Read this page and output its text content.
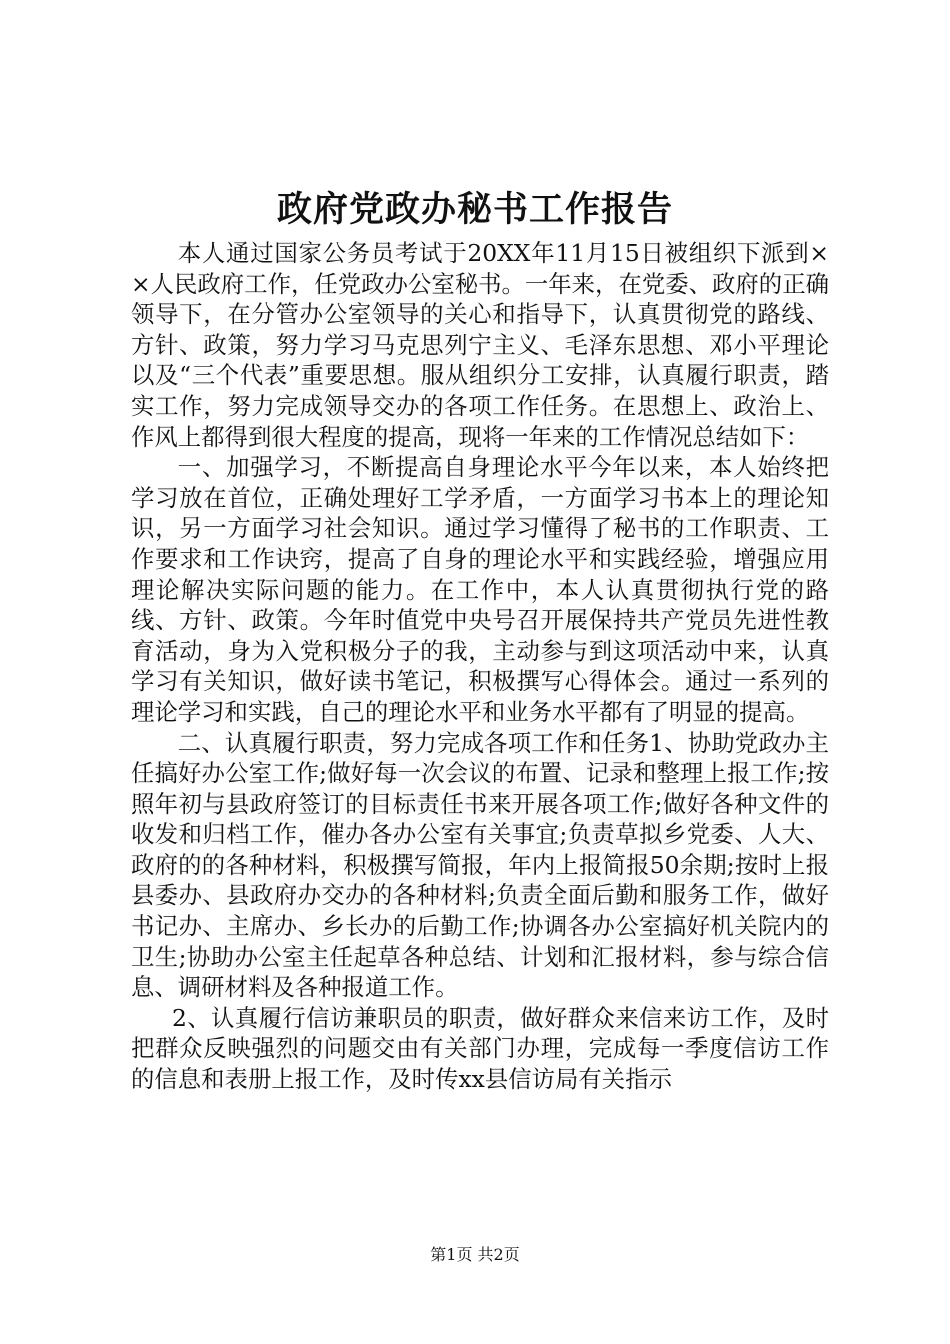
政府党政办秘书工作报告

本人通过国家公务员考试于20XX年11月15日被组织下派到××人民政府工作，任党政办公室秘书。一年来，在党委、政府的正确领导下，在分管办公室领导的关心和指导下，认真贯彻党的路线、方针、政策，努力学习马克思列宁主义、毛泽东思想、邓小平理论以及“三个代表”重要思想。服从组织分工安排，认真履行职责，踏实工作，努力完成领导交办的各项工作任务。在思想上、政治上、作风上都得到很大程度的提高，现将一年来的工作情况总结如下：

一、加强学习，不断提高自身理论水平今年以来，本人始终把学习放在首位，正确处理好工学矛盾，一方面学习书本上的理论知识，另一方面学习社会知识。通过学习懂得了秘书的工作职责、工作要求和工作诀窍，提高了自身的理论水平和实践经验，增强应用理论解决实际问题的能力。在工作中，本人认真贯彻执行党的路线、方针、政策。今年时值党中央号召开展保持共产党员先进性教育活动，身为入党积极分子的我，主动参与到这项活动中来，认真学习有关知识，做好读书笔记，积极撰写心得体会。通过一系列的理论学习和实践，自己的理论水平和业务水平都有了明显的提高。

二、认真履行职责，努力完成各项工作和任务1、协助党政办主任搞好办公室工作;做好每一次会议的布置、记录和整理上报工作;按照年初与县政府签订的目标责任书来开展各项工作;做好各种文件的收发和归档工作，催办各办公室有关事宜;负责草拟乡党委、人大、政府的的各种材料，积极撰写简报，年内上报简报50余期;按时上报县委办、县政府办交办的各种材料;负责全面后勤和服务工作，做好书记办、主席办、乡长办的后勤工作;协调各办公室搞好机关院内的卫生;协助办公室主任起草各种总结、计划和汇报材料，参与综合信息、调研材料及各种报道工作。

2、认真履行信访兼职员的职责，做好群众来信来访工作，及时把群众反映强烈的问题交由有关部门办理，完成每一季度信访工作的信息和表册上报工作，及时传xx县信访局有关指示

第1页 共2页
